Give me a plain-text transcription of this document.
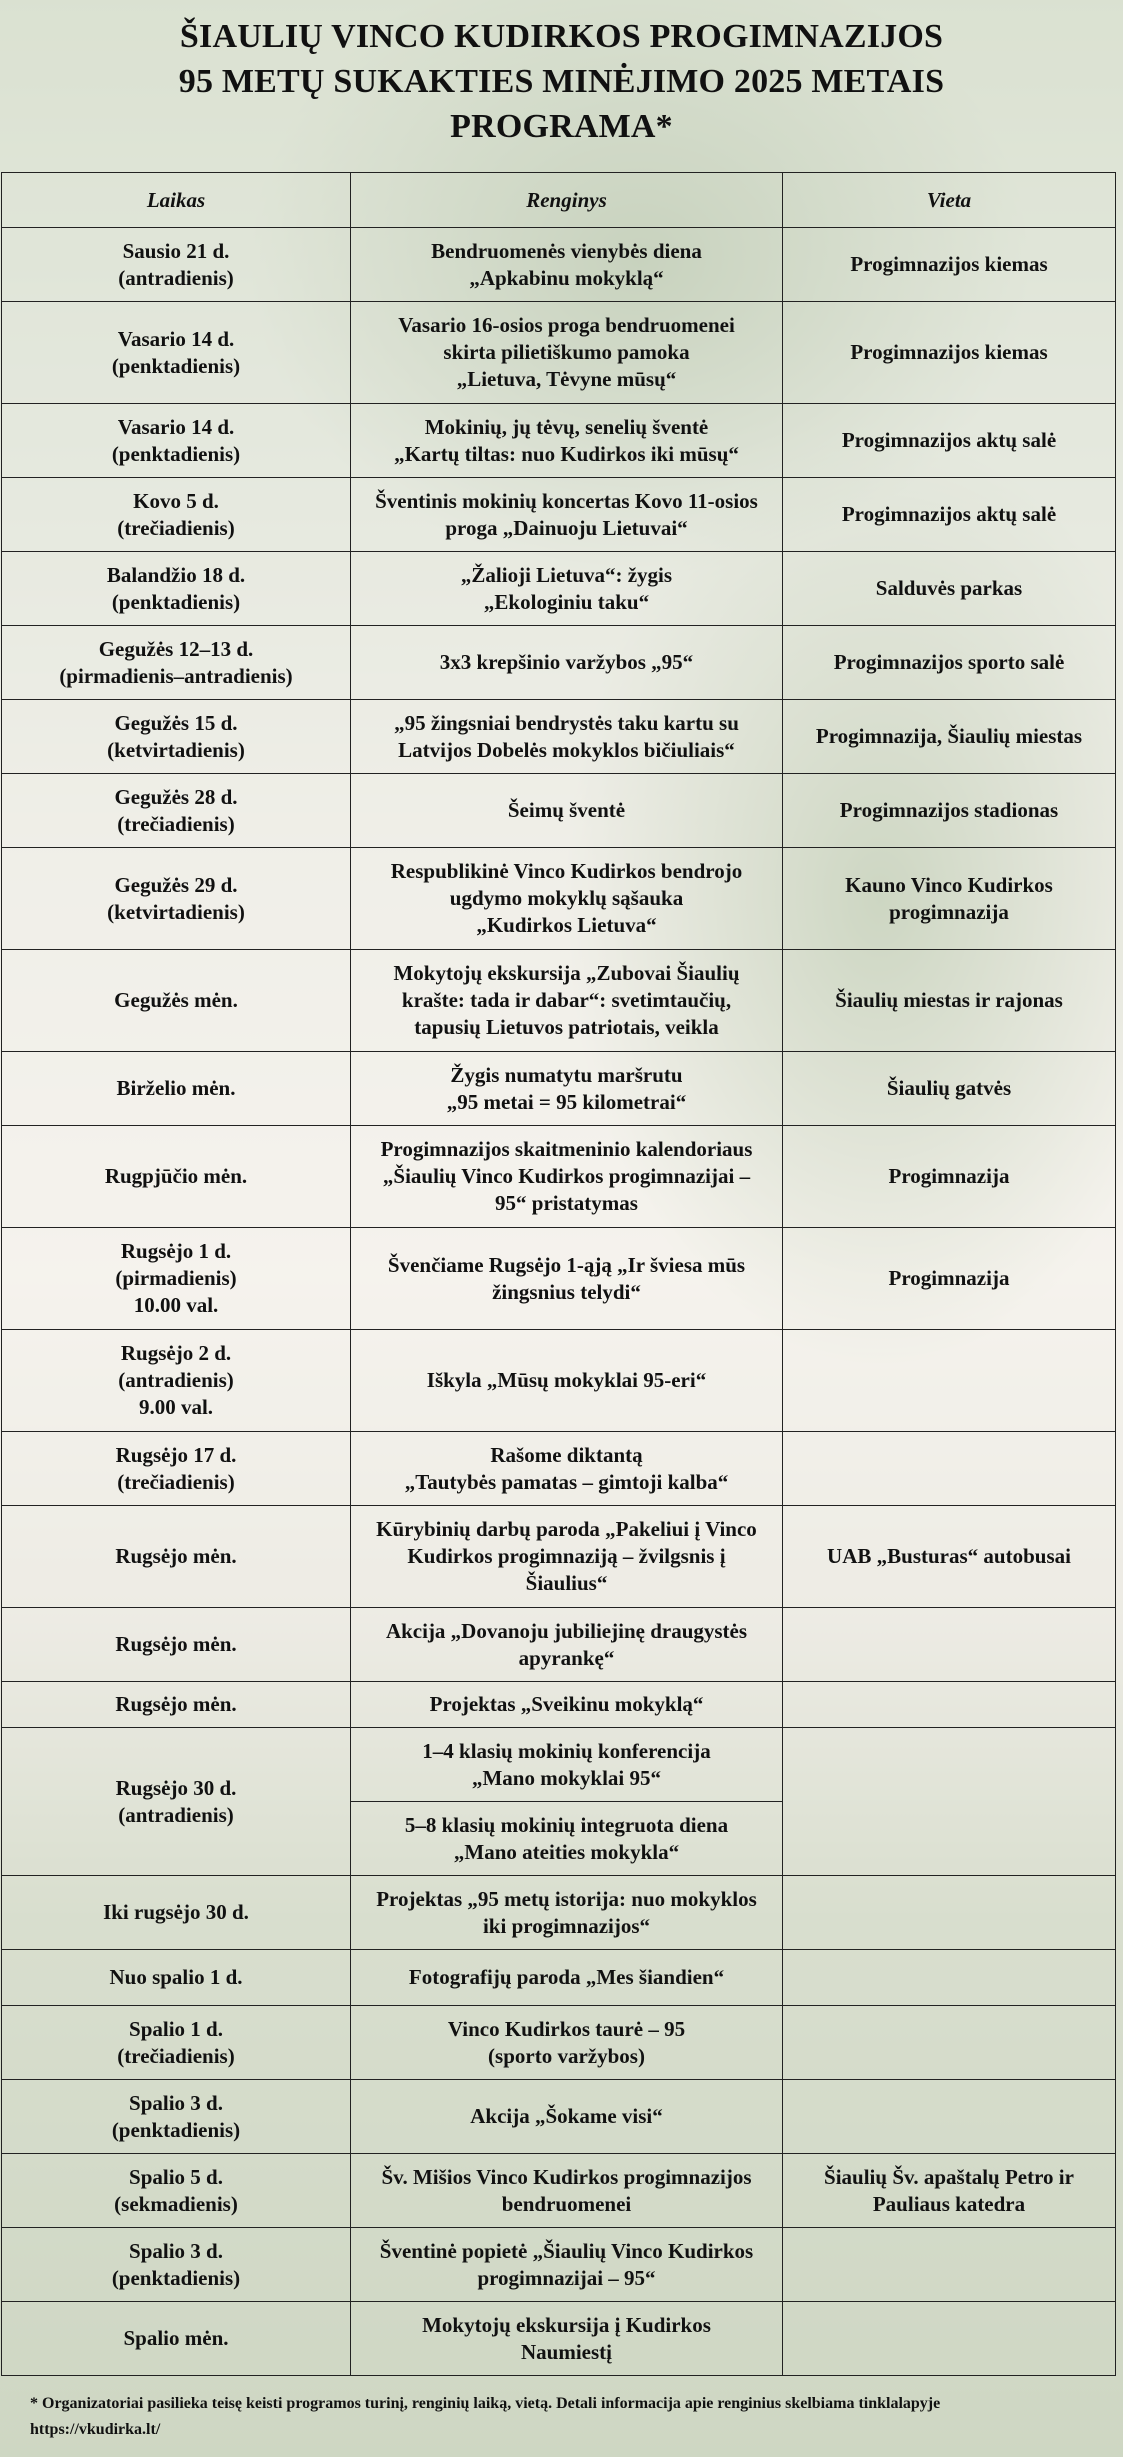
ŠIAULIŲ VINCO KUDIRKOS PROGIMNAZIJOS
95 METŲ SUKAKTIES MINĖJIMO 2025 METAIS
PROGRAMA*
Laikas	Renginys	Vieta

Sausio 21 d.
(antradienis)	Bendruomenės vienybės diena
„Apkabinu mokyklą“	Progimnazijos kiemas

Vasario 14 d.
(penktadienis)	Vasario 16-osios proga bendruomenei
skirta pilietiškumo pamoka
„Lietuva, Tėvyne mūsų“	Progimnazijos kiemas

Vasario 14 d.
(penktadienis)	Mokinių, jų tėvų, senelių šventė
„Kartų tiltas: nuo Kudirkos iki mūsų“	Progimnazijos aktų salė

Kovo 5 d.
(trečiadienis)	Šventinis mokinių koncertas Kovo 11-osios
proga „Dainuoju Lietuvai“	Progimnazijos aktų salė

Balandžio 18 d.
(penktadienis)	„Žalioji Lietuva“: žygis
„Ekologiniu taku“	Salduvės parkas

Gegužės 12–13 d.
(pirmadienis–antradienis)	3x3 krepšinio varžybos „95“	Progimnazijos sporto salė

Gegužės 15 d.
(ketvirtadienis)	„95 žingsniai bendrystės taku kartu su
Latvijos Dobelės mokyklos bičiuliais“	Progimnazija, Šiaulių miestas

Gegužės 28 d.
(trečiadienis)	Šeimų šventė	Progimnazijos stadionas

Gegužės 29 d.
(ketvirtadienis)	Respublikinė Vinco Kudirkos bendrojo
ugdymo mokyklų sąšauka
„Kudirkos Lietuva“	Kauno Vinco Kudirkos
progimnazija

Gegužės mėn.	Mokytojų ekskursija „Zubovai Šiaulių
krašte: tada ir dabar“: svetimtaučių,
tapusių Lietuvos patriotais, veikla	Šiaulių miestas ir rajonas

Birželio mėn.	Žygis numatytu maršrutu
„95 metai = 95 kilometrai“	Šiaulių gatvės

Rugpjūčio mėn.	Progimnazijos skaitmeninio kalendoriaus
„Šiaulių Vinco Kudirkos progimnazijai –
95“ pristatymas	Progimnazija

Rugsėjo 1 d.
(pirmadienis)
10.00 val.	Švenčiame Rugsėjo 1-ąją „Ir šviesa mūs
žingsnius telydi“	Progimnazija

Rugsėjo 2 d.
(antradienis)
9.00 val.	Iškyla „Mūsų mokyklai 95-eri“	

Rugsėjo 17 d.
(trečiadienis)	Rašome diktantą
„Tautybės pamatas – gimtoji kalba“	

Rugsėjo mėn.	Kūrybinių darbų paroda „Pakeliui į Vinco
Kudirkos progimnaziją – žvilgsnis į
Šiaulius“	UAB „Busturas“ autobusai

Rugsėjo mėn.	Akcija „Dovanoju jubiliejinę draugystės
apyrankę“	

Rugsėjo mėn.	Projektas „Sveikinu mokyklą“	

Rugsėjo 30 d.
(antradienis)	1–4 klasių mokinių konferencija
„Mano mokyklai 95“	

	5–8 klasių mokinių integruota diena
„Mano ateities mokykla“	

Iki rugsėjo 30 d.	Projektas „95 metų istorija: nuo mokyklos
iki progimnazijos“	

Nuo spalio 1 d.	Fotografijų paroda „Mes šiandien“	

Spalio 1 d.
(trečiadienis)	Vinco Kudirkos taurė – 95
(sporto varžybos)	

Spalio 3 d.
(penktadienis)	Akcija „Šokame visi“	

Spalio 5 d.
(sekmadienis)	Šv. Mišios Vinco Kudirkos progimnazijos
bendruomenei	Šiaulių Šv. apaštalų Petro ir
Pauliaus katedra

Spalio 3 d.
(penktadienis)	Šventinė popietė „Šiaulių Vinco Kudirkos
progimnazijai – 95“	

Spalio mėn.	Mokytojų ekskursija į Kudirkos
Naumiestį	

* Organizatoriai pasilieka teisę keisti programos turinį, renginių laiką, vietą. Detali informacija apie renginius skelbiama tinklalapyje
https://vkudirka.lt/
